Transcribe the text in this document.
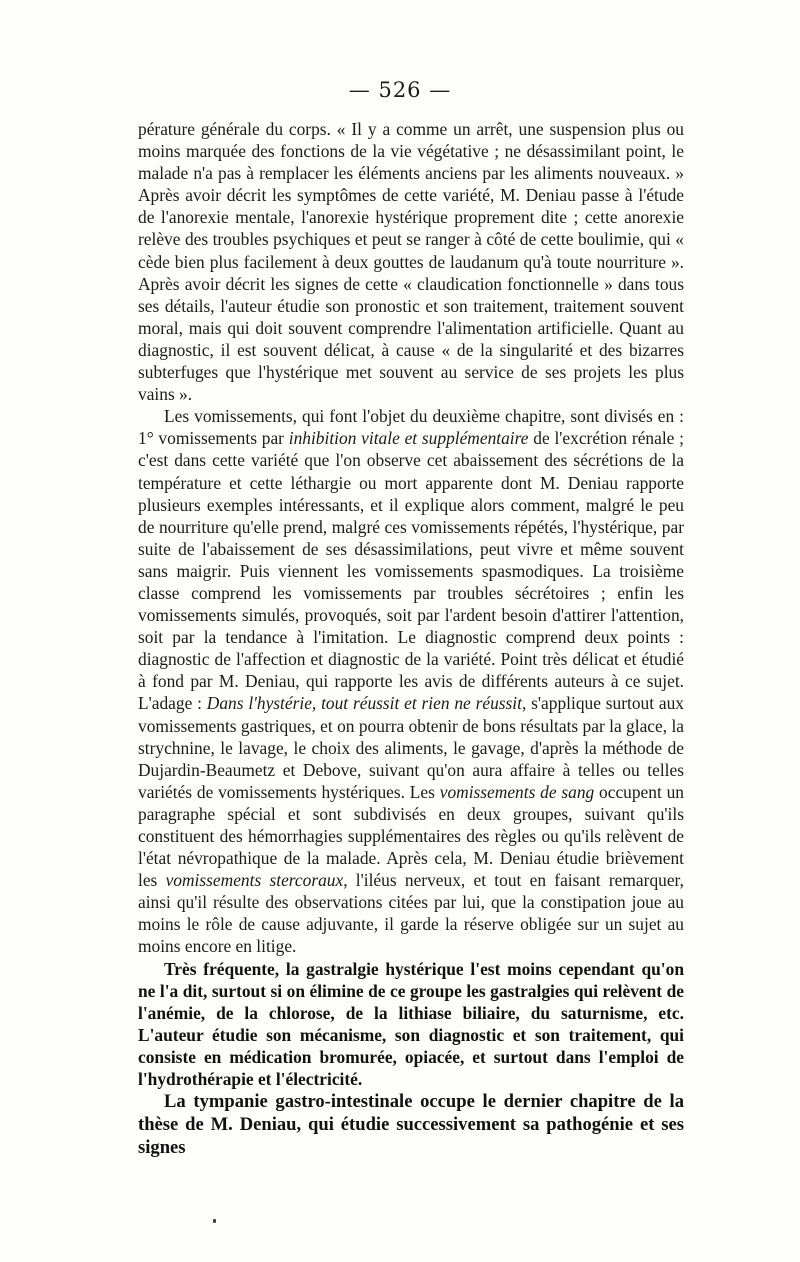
— 526 —

pérature générale du corps. « Il y a comme un arrêt, une suspension plus ou moins marquée des fonctions de la vie végétative ; ne désassimilant point, le malade n'a pas à remplacer les éléments anciens par les aliments nouveaux. » Après avoir décrit les symptômes de cette variété, M. Deniau passe à l'étude de l'anorexie mentale, l'anorexie hystérique proprement dite ; cette anorexie relève des troubles psychiques et peut se ranger à côté de cette boulimie, qui « cède bien plus facilement à deux gouttes de laudanum qu'à toute nourriture ». Après avoir décrit les signes de cette « claudication fonctionnelle » dans tous ses détails, l'auteur étudie son pronostic et son traitement, traitement souvent moral, mais qui doit souvent comprendre l'alimentation artificielle. Quant au diagnostic, il est souvent délicat, à cause « de la singularité et des bizarres subterfuges que l'hystérique met souvent au service de ses projets les plus vains ».

Les vomissements, qui font l'objet du deuxième chapitre, sont divisés en : 1° vomissements par inhibition vitale et supplémentaire de l'excrétion rénale ; c'est dans cette variété que l'on observe cet abaissement des sécrétions de la température et cette léthargie ou mort apparente dont M. Deniau rapporte plusieurs exemples intéressants, et il explique alors comment, malgré le peu de nourriture qu'elle prend, malgré ces vomissements répétés, l'hystérique, par suite de l'abaissement de ses désassimilations, peut vivre et même souvent sans maigrir. Puis viennent les vomissements spasmodiques. La troisième classe comprend les vomissements par troubles sécrétoires ; enfin les vomissements simulés, provoqués, soit par l'ardent besoin d'attirer l'attention, soit par la tendance à l'imitation. Le diagnostic comprend deux points : diagnostic de l'affection et diagnostic de la variété. Point très délicat et étudié à fond par M. Deniau, qui rapporte les avis de différents auteurs à ce sujet. L'adage : Dans l'hystérie, tout réussit et rien ne réussit, s'applique surtout aux vomissements gastriques, et on pourra obtenir de bons résultats par la glace, la strychnine, le lavage, le choix des aliments, le gavage, d'après la méthode de Dujardin-Beaumetz et Debove, suivant qu'on aura affaire à telles ou telles variétés de vomissements hystériques. Les vomissements de sang occupent un paragraphe spécial et sont subdivisés en deux groupes, suivant qu'ils constituent des hémorrhagies supplémentaires des règles ou qu'ils relèvent de l'état névropathique de la malade. Après cela, M. Deniau étudie brièvement les vomissements stercoraux, l'iléus nerveux, et tout en faisant remarquer, ainsi qu'il résulte des observations citées par lui, que la constipation joue au moins le rôle de cause adjuvante, il garde la réserve obligée sur un sujet au moins encore en litige.

Très fréquente, la gastralgie hystérique l'est moins cependant qu'on ne l'a dit, surtout si on élimine de ce groupe les gastralgies qui relèvent de l'anémie, de la chlorose, de la lithiase biliaire, du saturnisme, etc. L'auteur étudie son mécanisme, son diagnostic et son traitement, qui consiste en médication bromurée, opiacée, et surtout dans l'emploi de l'hydrothérapie et l'électricité.

La tympanie gastro-intestinale occupe le dernier chapitre de la thèse de M. Deniau, qui étudie successivement sa pathogénie et ses signes
